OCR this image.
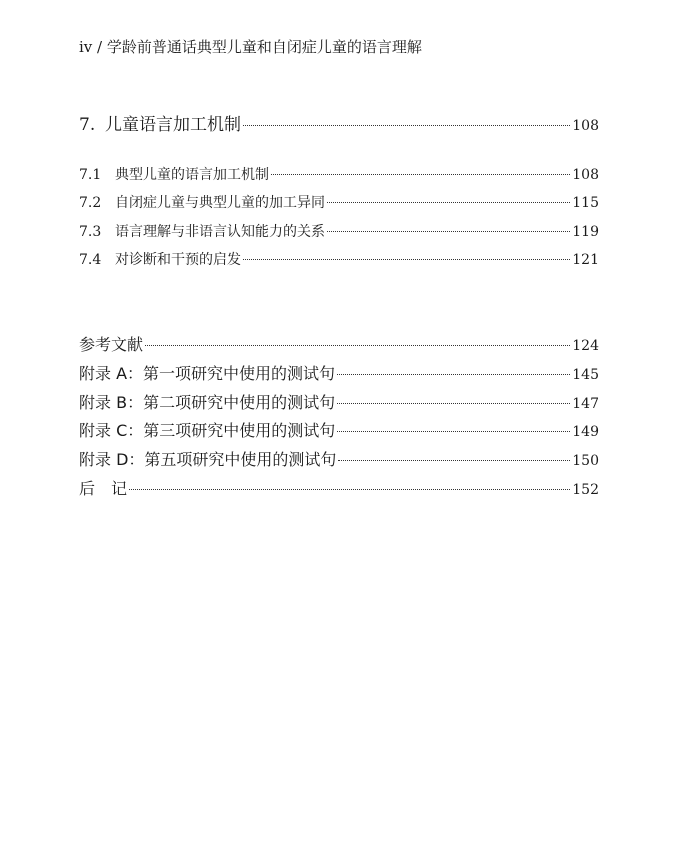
iv / 学龄前普通话典型儿童和自闭症儿童的语言理解
7. 儿童语言加工机制	108
7.1 典型儿童的语言加工机制	108
7.2 自闭症儿童与典型儿童的加工异同	115
7.3 语言理解与非语言认知能力的关系	119
7.4 对诊断和干预的启发	121
参考文献	124
附录 A：第一项研究中使用的测试句	145
附录 B：第二项研究中使用的测试句	147
附录 C：第三项研究中使用的测试句	149
附录 D：第五项研究中使用的测试句	150
后　记	152
